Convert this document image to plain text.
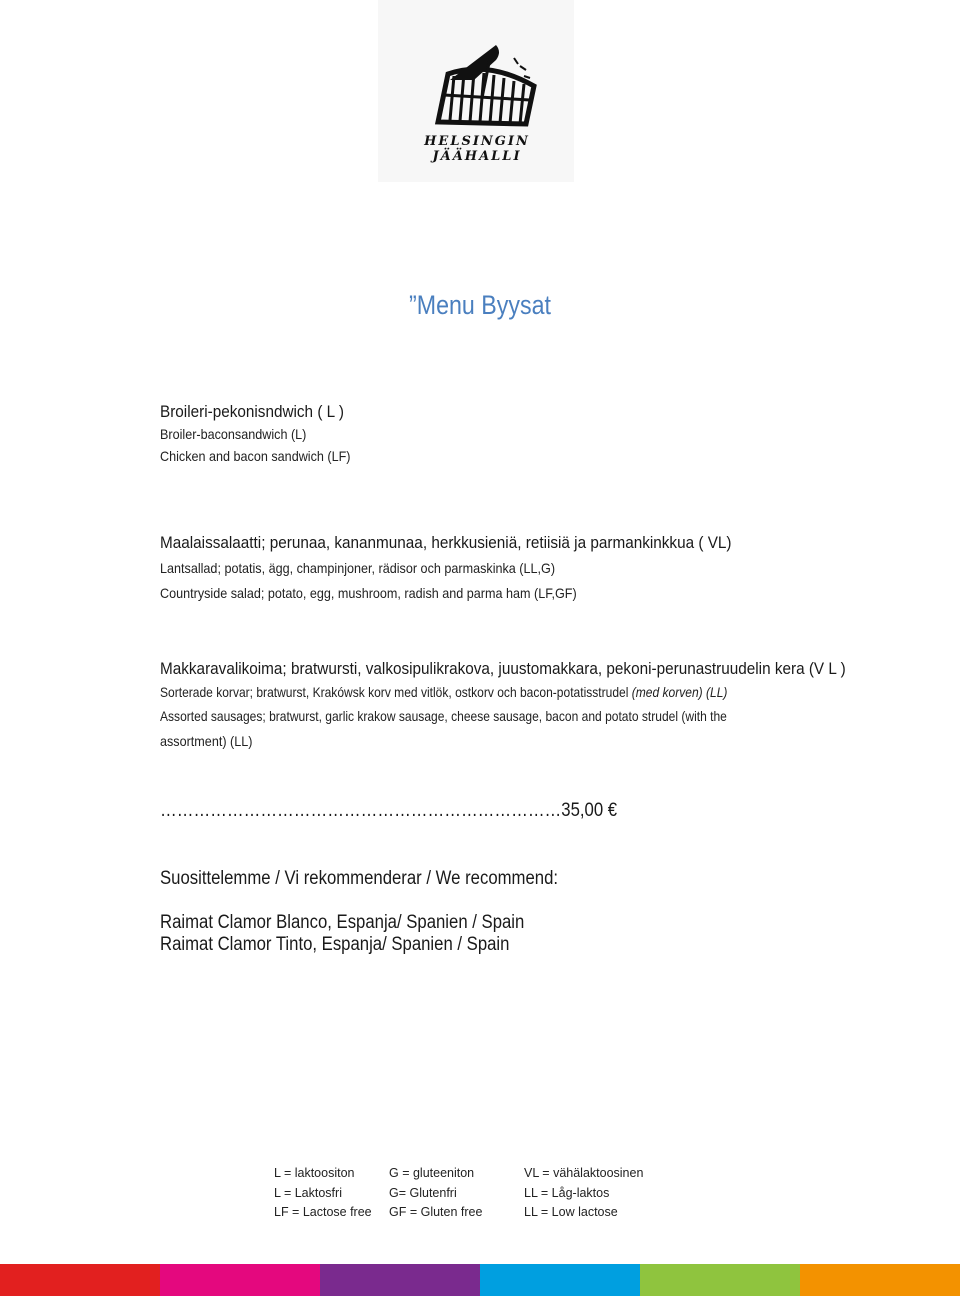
HELSINGIN JÄÄHALLI
”Menu Byysat
Broileri-pekonisndwich ( L )
Broiler-baconsandwich (L)
Chicken and bacon sandwich (LF)
Maalaissalaatti; perunaa, kananmunaa, herkkusieniä, retiisiä ja parmankinkkua ( VL)
Lantsallad; potatis, ägg, champinjoner, rädisor och parmaskinka (LL,G)
Countryside salad; potato, egg, mushroom, radish and parma ham (LF,GF)
Makkaravalikoima; bratwursti, valkosipulikrakova, juustomakkara, pekoni-perunastruudelin kera (V L )
Sorterade korvar; bratwurst, Krakówsk korv med vitlök, ostkorv och bacon-potatisstrudel (med korven) (LL)
Assorted sausages; bratwurst, garlic krakow sausage, cheese sausage, bacon and potato strudel (with the
assortment) (LL)
………………………………………………………………35,00 €
Suosittelemme / Vi rekommenderar / We recommend:
Raimat Clamor Blanco, Espanja/ Spanien / Spain
Raimat Clamor Tinto, Espanja/ Spanien / Spain
L = laktoositon
L = Laktosfri
LF = Lactose free
G = gluteeniton
G= Glutenfri
GF = Gluten free
VL = vähälaktoosinen
LL = Låg-laktos
LL = Low lactose
